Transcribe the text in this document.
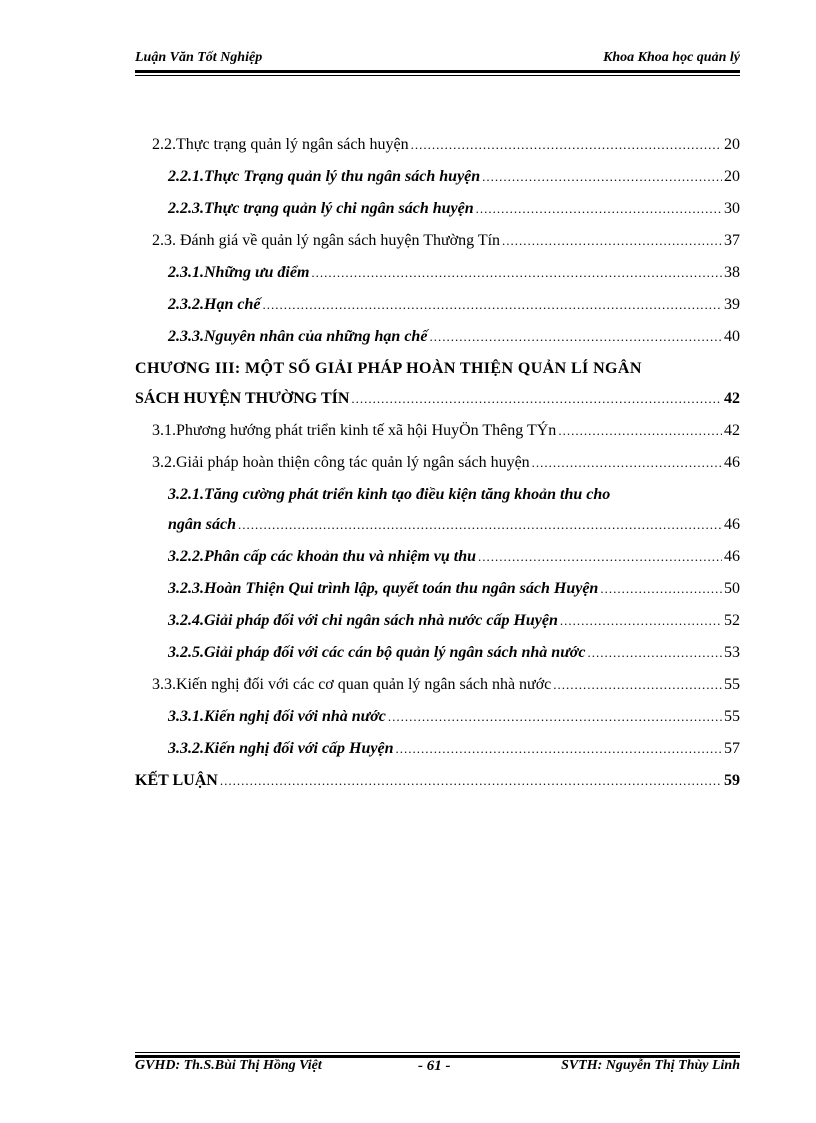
Luận Văn Tốt Nghiệp	Khoa Khoa học quản lý
2.2.Thực trạng quản lý ngân sách huyện .....	20
2.2.1.Thực Trạng quản lý thu ngân sách huyện .....	20
2.2.3.Thực trạng quản lý chi ngân sách huyện .....	30
2.3. Đánh giá về quản lý ngân sách huyện Thường Tín .....	37
2.3.1.Những ưu điểm .....	38
2.3.2.Hạn chế .....	39
2.3.3.Nguyên nhân của những hạn chế .....	40
CHƯƠNG III: MỘT SỐ GIẢI PHÁP HOÀN THIỆN QUẢN LÍ NGÂN
SÁCH HUYỆN THƯỜNG TÍN .....	42
3.1.Phương hướng phát triển kinh tế xã hội HuyÖn Thêng TÝn .....	42
3.2.Giải pháp hoàn thiện công tác quản lý ngân sách huyện .....	46
3.2.1.Tăng cường phát triển kinh tạo điều kiện tăng khoản thu cho
ngân sách .....	46
3.2.2.Phân cấp các khoản thu và nhiệm vụ thu .....	46
3.2.3.Hoàn Thiện Qui trình lập, quyết toán thu ngân sách Huyện .....	50
3.2.4.Giải pháp đối với chi ngân sách nhà nước cấp Huyện .....	52
3.2.5.Giải pháp đối với các cán bộ quản lý ngân sách nhà nước .....	53
3.3.Kiến nghị đối với các cơ quan quản lý ngân sách nhà nước .....	55
3.3.1.Kiến nghị đối với nhà nước .....	55
3.3.2.Kiến nghị đối với cấp Huyện .....	57
KẾT LUẬN .....	59
GVHD: Th.S.Bùi Thị Hồng Việt	- 61 -	SVTH: Nguyễn Thị Thùy Linh
